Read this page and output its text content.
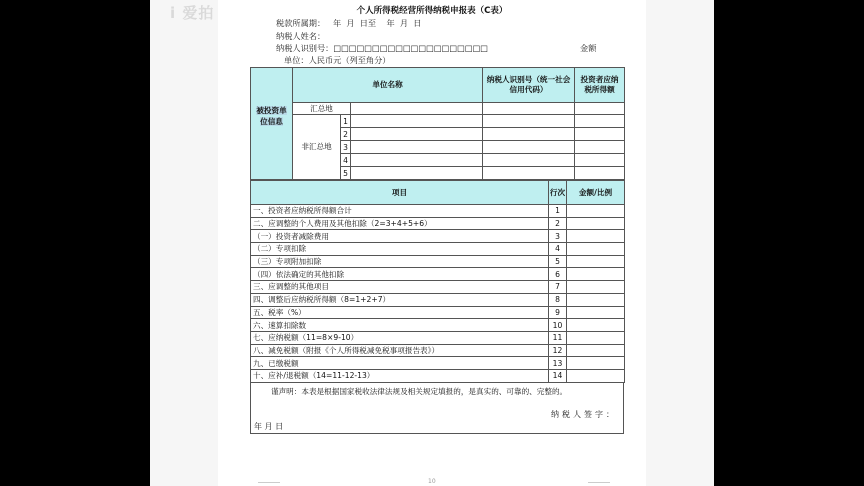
i 爱拍	个人所得税经营所得纳税申报表（C表）
税款所属期： 年  月  日至    年  月  日
纳税人姓名：
纳税人识别号：□□□□□□□□□□□□□□□□□□□□	金额
单位：人民币元（列至角分）
	单位名称			纳税人识别号（统一社会信用代码）	投资者应纳税所得额
被投资单位信息	汇总地				
	非汇总地	1			
		2			
		3			
		4			
		5			
项目	行次	金额/比例
一、投资者应纳税所得额合计	1	
二、应调整的个人费用及其他扣除（2=3+4+5+6）	2	
（一）投资者减除费用	3	
（二）专项扣除	4	
（三）专项附加扣除	5	
（四）依法确定的其他扣除	6	
三、应调整的其他项目	7	
四、调整后应纳税所得额（8=1+2+7）	8	
五、税率（%）	9	
六、速算扣除数	10	
七、应纳税额（11=8×9-10）	11	
八、减免税额（附报《个人所得税减免税事项报告表》）	12	
九、已缴税额	13	
十、应补/退税额（14=11-12-13）	14	
谨声明：本表是根据国家税收法律法规及相关规定填报的，是真实的、可靠的、完整的。
纳税人签字：
年 月 日
10
